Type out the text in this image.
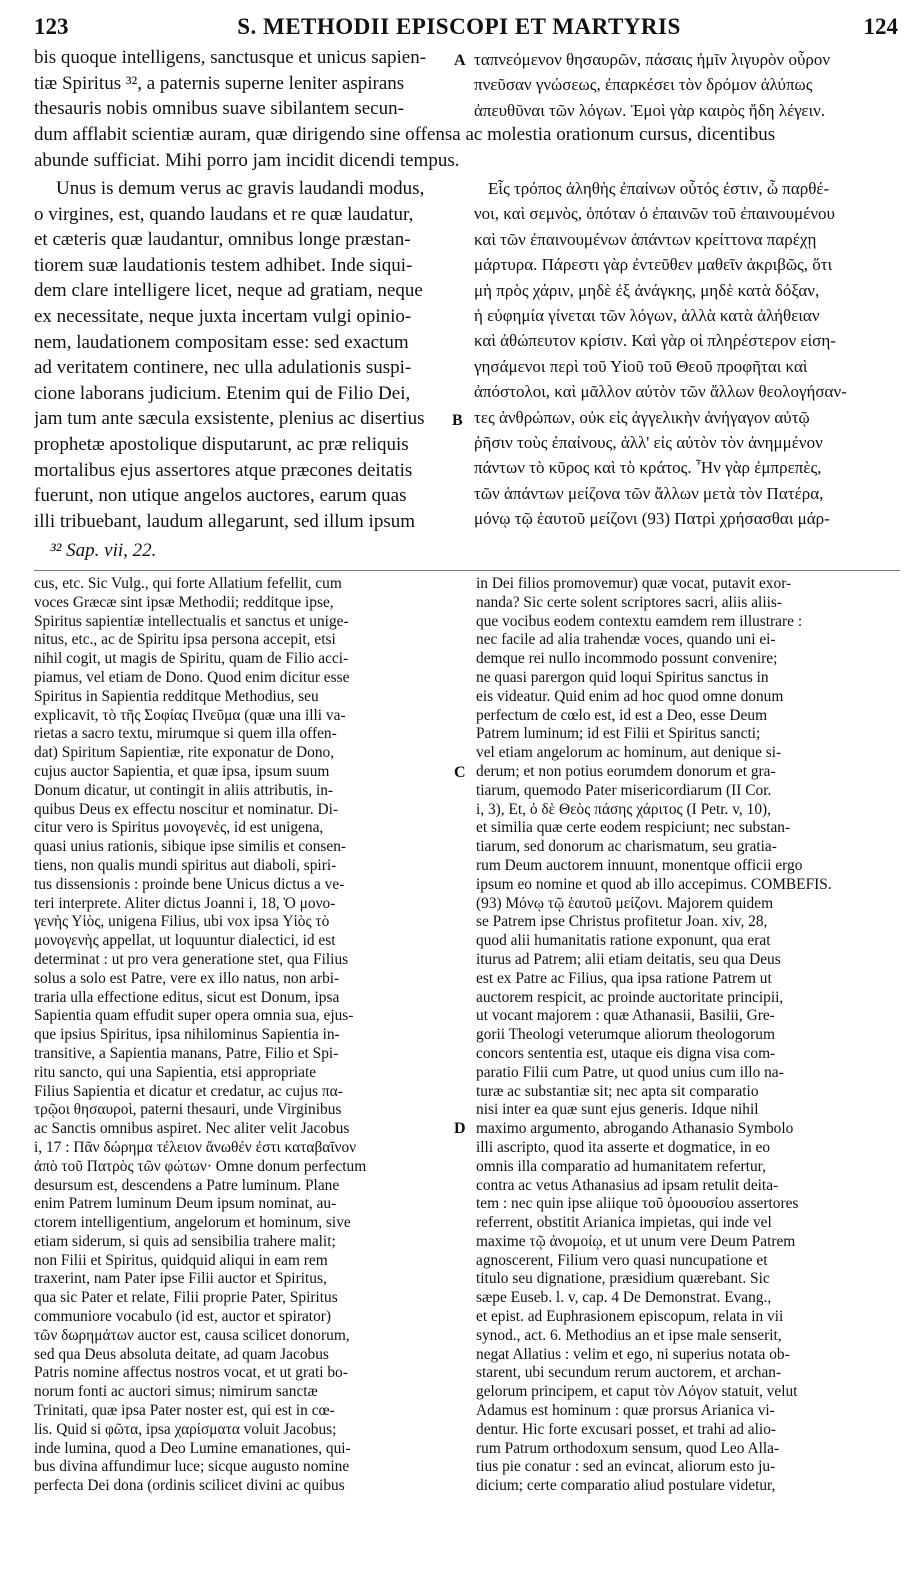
123	S. METHODII EPISCOPI ET MARTYRIS	124
A
B
C
D
bis quoque intelligens, sanctusque et unicus sapien-
tiæ Spiritus ³², a paternis superne leniter aspirans
thesauris nobis omnibus suave sibilantem secun-
ταπνεόμενον θησαυρῶν, πάσαις ἡμῖν λιγυρὸν οὖρον
πνεῦσαν γνώσεως, ἐπαρκέσει τὸν δρόμον ἀλύπως
ἀπευθῦναι τῶν λόγων. Ἐμοὶ γὰρ καιρὸς ἤδη λέγειν.
dum afflabit scientiæ auram, quæ dirigendo sine offensa ac molestia orationum cursus, dicentibus
abunde sufficiat. Mihi porro jam incidit dicendi tempus.
Unus is demum verus ac gravis laudandi modus,
o virgines, est, quando laudans et re quæ laudatur,
et cæteris quæ laudantur, omnibus longe præstan-
tiorem suæ laudationis testem adhibet. Inde siqui-
dem clare intelligere licet, neque ad gratiam, neque
ex necessitate, neque juxta incertam vulgi opinio-
nem, laudationem compositam esse: sed exactum
ad veritatem continere, nec ulla adulationis suspi-
cione laborans judicium. Etenim qui de Filio Dei,
jam tum ante sæcula exsistente, plenius ac disertius
prophetæ apostolique disputarunt, ac præ reliquis
mortalibus ejus assertores atque præcones deitatis
fuerunt, non utique angelos auctores, earum quas
illi tribuebant, laudum allegarunt, sed illum ipsum
Εἷς τρόπος ἀληθὴς ἐπαίνων οὗτός ἐστιν, ὦ παρθέ-
νοι, καὶ σεμνὸς, ὁπόταν ὁ ἐπαινῶν τοῦ ἐπαινουμένου
καὶ τῶν ἐπαινουμένων ἁπάντων κρείττονα παρέχῃ
μάρτυρα. Πάρεστι γὰρ ἐντεῦθεν μαθεῖν ἀκριβῶς, ὅτι
μὴ πρὸς χάριν, μηδὲ ἐξ ἀνάγκης, μηδὲ κατὰ δόξαν,
ἡ εὐφημία γίνεται τῶν λόγων, ἀλλὰ κατὰ ἀλήθειαν
καὶ ἀθώπευτον κρίσιν. Καὶ γὰρ οἱ πληρέστερον εἰση-
γησάμενοι περὶ τοῦ Υἱοῦ τοῦ Θεοῦ προφῆται καὶ
ἀπόστολοι, καὶ μᾶλλον αὐτὸν τῶν ἄλλων θεολογήσαν-
τες ἀνθρώπων, οὐκ εἰς ἀγγελικὴν ἀνήγαγον αὐτῷ
ῥῆσιν τοὺς ἐπαίνους, ἀλλ' εἰς αὐτὸν τὸν ἀνημμένον
πάντων τὸ κῦρος καὶ τὸ κράτος. Ἦν γὰρ ἐμπρεπὲς,
τῶν ἁπάντων μείζονα τῶν ἄλλων μετὰ τὸν Πατέρα,
μόνῳ τῷ ἑαυτοῦ μείζονι (93) Πατρὶ χρήσασθαι μάρ-
³² Sap. vii, 22.
cus, etc. Sic Vulg., qui forte Allatium fefellit, cum
voces Græcæ sint ipsæ Methodii; redditque ipse,
Spiritus sapientiæ intellectualis et sanctus et unige-
nitus, etc., ac de Spiritu ipsa persona accepit, etsi
nihil cogit, ut magis de Spiritu, quam de Filio acci-
piamus, vel etiam de Dono. Quod enim dicitur esse
Spiritus in Sapientia redditque Methodius, seu
explicavit, τὸ τῆς Σοφίας Πνεῦμα (quæ una illi va-
rietas a sacro textu, mirumque si quem illa offen-
dat) Spiritum Sapientiæ, rite exponatur de Dono,
cujus auctor Sapientia, et quæ ipsa, ipsum suum
Donum dicatur, ut contingit in aliis attributis, in-
quibus Deus ex effectu noscitur et nominatur. Di-
citur vero is Spiritus μονογενὲς, id est unigena,
quasi unius rationis, sibique ipse similis et consen-
tiens, non qualis mundi spiritus aut diaboli, spiri-
tus dissensionis : proinde bene Unicus dictus a ve-
teri interprete. Aliter dictus Joanni i, 18, Ὁ μονο-
γενὴς Υἱὸς, unigena Filius, ubi vox ipsa Υἱὸς τὸ
μονογενὴς appellat, ut loquuntur dialectici, id est
determinat : ut pro vera generatione stet, qua Filius
solus a solo est Patre, vere ex illo natus, non arbi-
traria ulla effectione editus, sicut est Donum, ipsa
Sapientia quam effudit super opera omnia sua, ejus-
que ipsius Spiritus, ipsa nihilominus Sapientia in-
transitive, a Sapientia manans, Patre, Filio et Spi-
ritu sancto, qui una Sapientia, etsi appropriate
Filius Sapientia et dicatur et credatur, ac cujus πα-
τρῷοι θησαυροὶ, paterni thesauri, unde Virginibus
ac Sanctis omnibus aspiret. Nec aliter velit Jacobus
i, 17 : Πᾶν δώρημα τέλειον ἄνωθέν ἐστι καταβαῖνον
ἀπὸ τοῦ Πατρὸς τῶν φώτων· Omne donum perfectum
desursum est, descendens a Patre luminum. Plane
enim Patrem luminum Deum ipsum nominat, au-
ctorem intelligentium, angelorum et hominum, sive
etiam siderum, si quis ad sensibilia trahere malit;
non Filii et Spiritus, quidquid aliqui in eam rem
traxerint, nam Pater ipse Filii auctor et Spiritus,
qua sic Pater et relate, Filii proprie Pater, Spiritus
communiore vocabulo (id est, auctor et spirator)
τῶν δωρημάτων auctor est, causa scilicet donorum,
sed qua Deus absoluta deitate, ad quam Jacobus
Patris nomine affectus nostros vocat, et ut grati bo-
norum fonti ac auctori simus; nimirum sanctæ
Trinitati, quæ ipsa Pater noster est, qui est in cœ-
lis. Quid si φῶτα, ipsa χαρίσματα voluit Jacobus;
inde lumina, quod a Deo Lumine emanationes, qui-
bus divina affundimur luce; sicque augusto nomine
perfecta Dei dona (ordinis scilicet divini ac quibus
in Dei filios promovemur) quæ vocat, putavit exor-
nanda? Sic certe solent scriptores sacri, aliis aliis-
que vocibus eodem contextu eamdem rem illustrare :
nec facile ad alia trahendæ voces, quando uni ei-
demque rei nullo incommodo possunt convenire;
ne quasi parergon quid loqui Spiritus sanctus in
eis videatur. Quid enim ad hoc quod omne donum
perfectum de cœlo est, id est a Deo, esse Deum
Patrem luminum; id est Filii et Spiritus sancti;
vel etiam angelorum ac hominum, aut denique si-
derum; et non potius eorumdem donorum et gra-
tiarum, quemodo Pater misericordiarum (II Cor.
i, 3), Et, ὁ δὲ Θεὸς πάσης χάριτος (I Petr. v, 10),
et similia quæ certe eodem respiciunt; nec substan-
tiarum, sed donorum ac charismatum, seu gratia-
rum Deum auctorem innuunt, monentque officii ergo
ipsum eo nomine et quod ab illo accepimus. COMBEFIS.
(93) Μόνῳ τῷ ἑαυτοῦ μείζονι. Majorem quidem
se Patrem ipse Christus profitetur Joan. xiv, 28,
quod alii humanitatis ratione exponunt, qua erat
iturus ad Patrem; alii etiam deitatis, seu qua Deus
est ex Patre ac Filius, qua ipsa ratione Patrem ut
auctorem respicit, ac proinde auctoritate principii,
ut vocant majorem : quæ Athanasii, Basilii, Gre-
gorii Theologi veterumque aliorum theologorum
concors sententia est, utaque eis digna visa com-
paratio Filii cum Patre, ut quod unius cum illo na-
turæ ac substantiæ sit; nec apta sit comparatio
nisi inter ea quæ sunt ejus generis. Idque nihil
maximo argumento, abrogando Athanasio Symbolo
illi ascripto, quod ita asserte et dogmatice, in eo
omnis illa comparatio ad humanitatem refertur,
contra ac vetus Athanasius ad ipsam retulit deita-
tem : nec quin ipse aliique τοῦ ὁμοουσίου assertores
referrent, obstitit Arianica impietas, qui inde vel
maxime τῷ ἀνομοίῳ, et ut unum vere Deum Patrem
agnoscerent, Filium vero quasi nuncupatione et
titulo seu dignatione, præsidium quærebant. Sic
sæpe Euseb. l. v, cap. 4 De Demonstrat. Evang.,
et epist. ad Euphrasionem episcopum, relata in vii
synod., act. 6. Methodius an et ipse male senserit,
negat Allatius : velim et ego, ni superius notata ob-
starent, ubi secundum rerum auctorem, et archan-
gelorum principem, et caput τὸν Λόγον statuit, velut
Adamus est hominum : quæ prorsus Arianica vi-
dentur. Hic forte excusari posset, et trahi ad alio-
rum Patrum orthodoxum sensum, quod Leo Alla-
tius pie conatur : sed an evincat, aliorum esto ju-
dicium; certe comparatio aliud postulare videtur,
